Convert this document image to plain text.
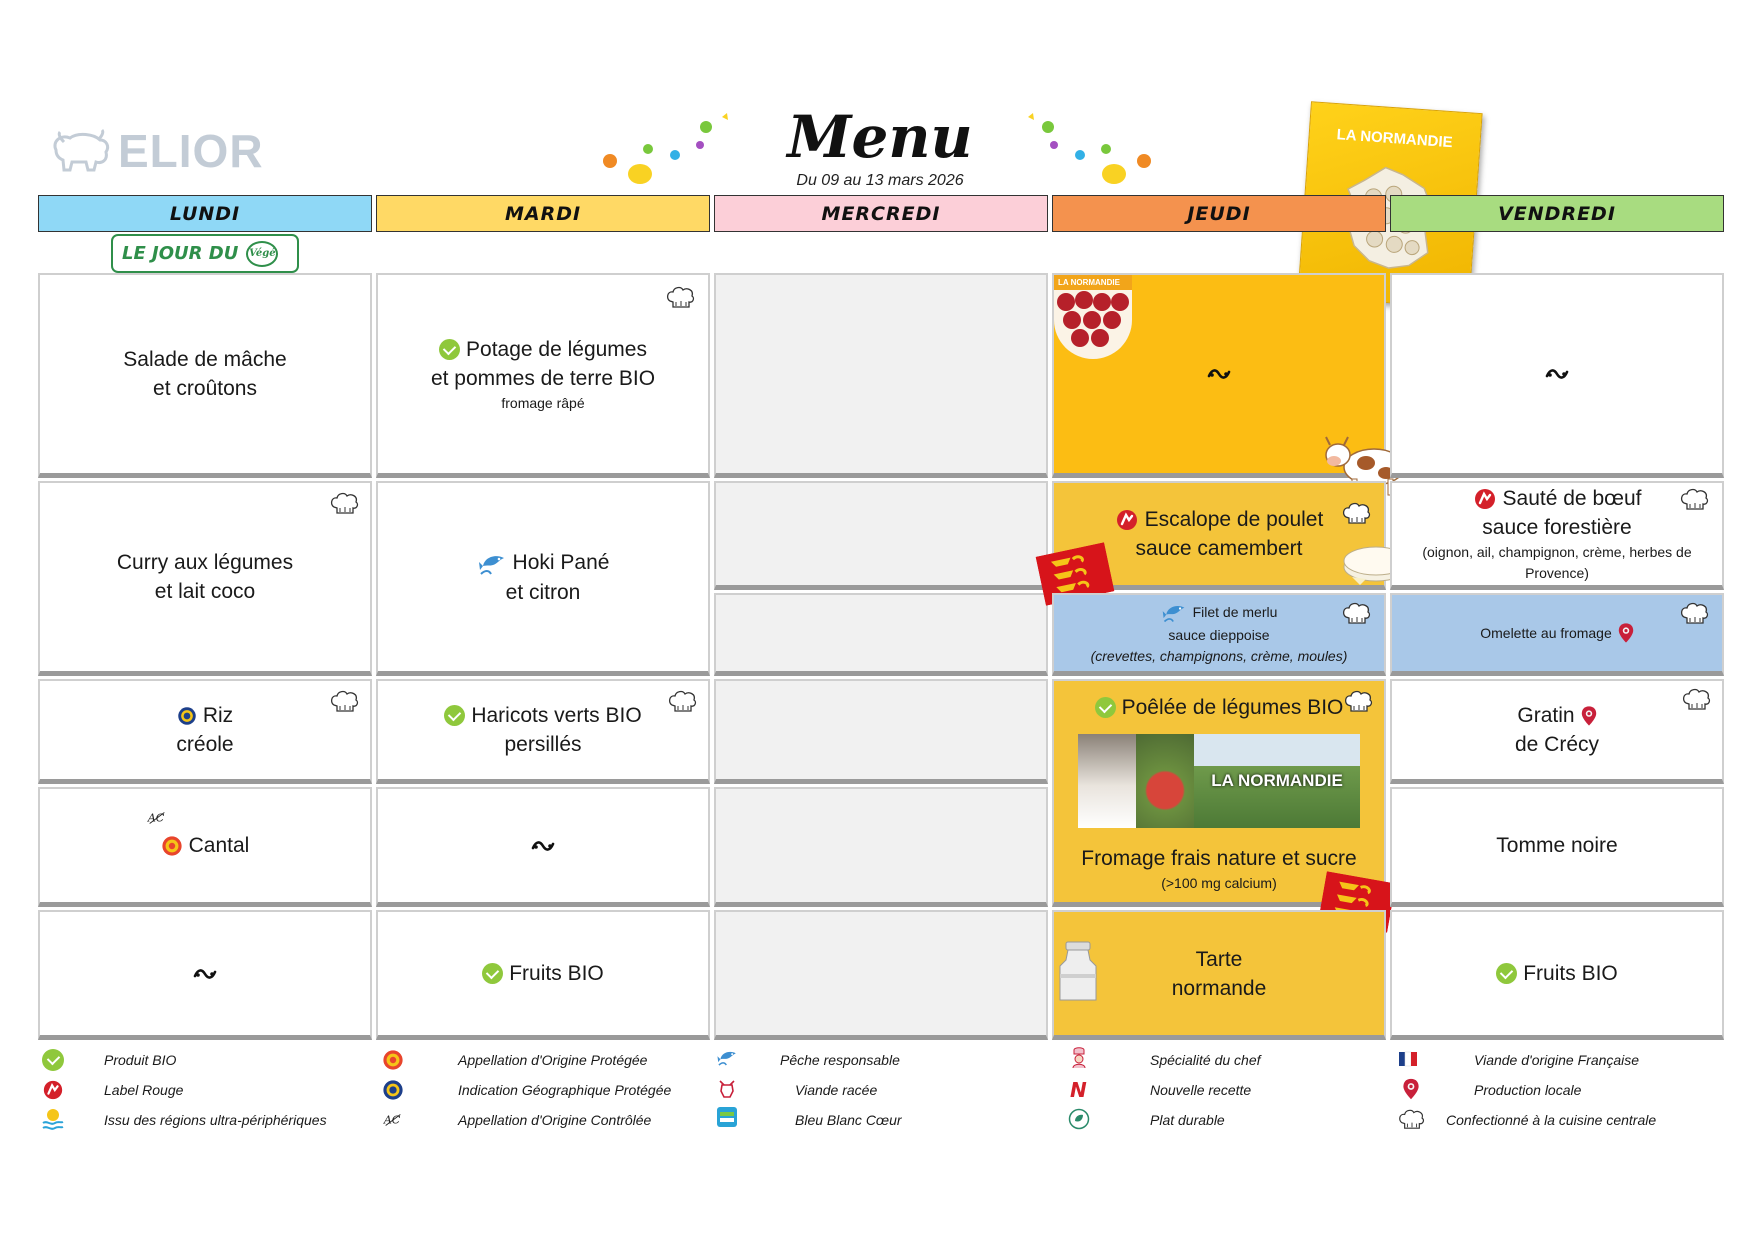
ELIOR	Menu
Du 09 au 13 mars 2026
LA NORMANDIE
LUNDI	MARDI	MERCREDI	JEUDI	VENDREDI
LE JOUR DU Végé
Salade de mâche
et croûtons
Curry aux légumes
et lait coco
Riz
créole
Cantal
Potage de légumes
et pommes de terre BIO
fromage râpé
Hoki Pané
et citron
Haricots verts BIO
persillés
Fruits BIO
LA NORMANDIE
Escalope de poulet
sauce camembert
Filet de merlu
sauce dieppoise
(crevettes, champignons, crème, moules)
Poêlée de légumes BIO
LA NORMANDIE
Fromage frais nature et sucre
(>100 mg calcium)
Tarte
normande
Sauté de bœuf
sauce forestière
(oignon, ail, champignon, crème, herbes de Provence)
Omelette au fromage
Gratin
de Crécy
Tomme noire
Fruits BIO
Produit BIO
Label Rouge
Issu des régions ultra-périphériques
Appellation d'Origine Protégée
Indication Géographique Protégée
Appellation d'Origine Contrôlée
Pêche responsable
Viande racée
Bleu Blanc Cœur
Spécialité du chef
N	Nouvelle recette
Plat durable
Viande d'origine Française
Production locale
Confectionné à la cuisine centrale
